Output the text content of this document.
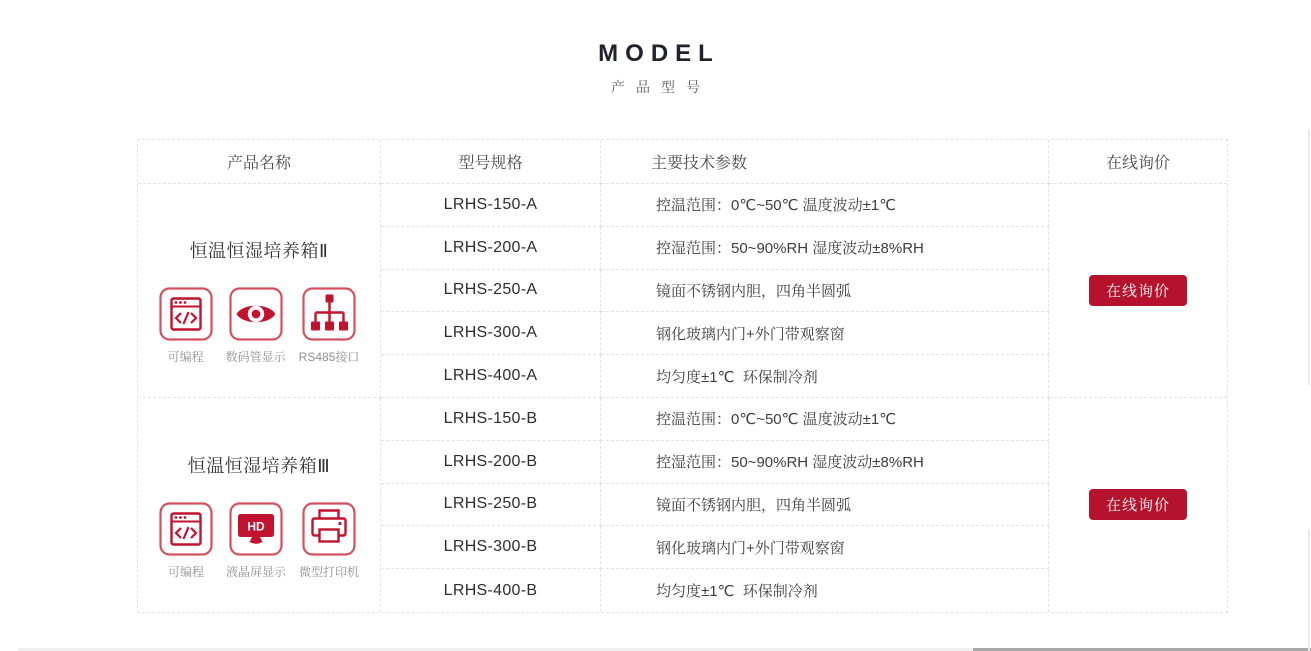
MODEL
产品型号
产品名称	型号规格	主要技术参数	在线询价
恒温恒湿培养箱Ⅱ
可编程 数码管显示 RS485接口
LRHS-150-A	控温范围：0℃~50℃ 温度波动±1℃
LRHS-200-A	控湿范围：50~90%RH 湿度波动±8%RH
LRHS-250-A	镜面不锈钢内胆，四角半圆弧
LRHS-300-A	钢化玻璃内门+外门带观察窗
LRHS-400-A	均匀度±1℃  环保制冷剂
在线询价
恒温恒湿培养箱Ⅲ
可编程
HD
液晶屏显示 微型打印机
LRHS-150-B	控温范围：0℃~50℃ 温度波动±1℃
LRHS-200-B	控湿范围：50~90%RH 湿度波动±8%RH
LRHS-250-B	镜面不锈钢内胆，四角半圆弧
LRHS-300-B	钢化玻璃内门+外门带观察窗
LRHS-400-B	均匀度±1℃  环保制冷剂
在线询价
